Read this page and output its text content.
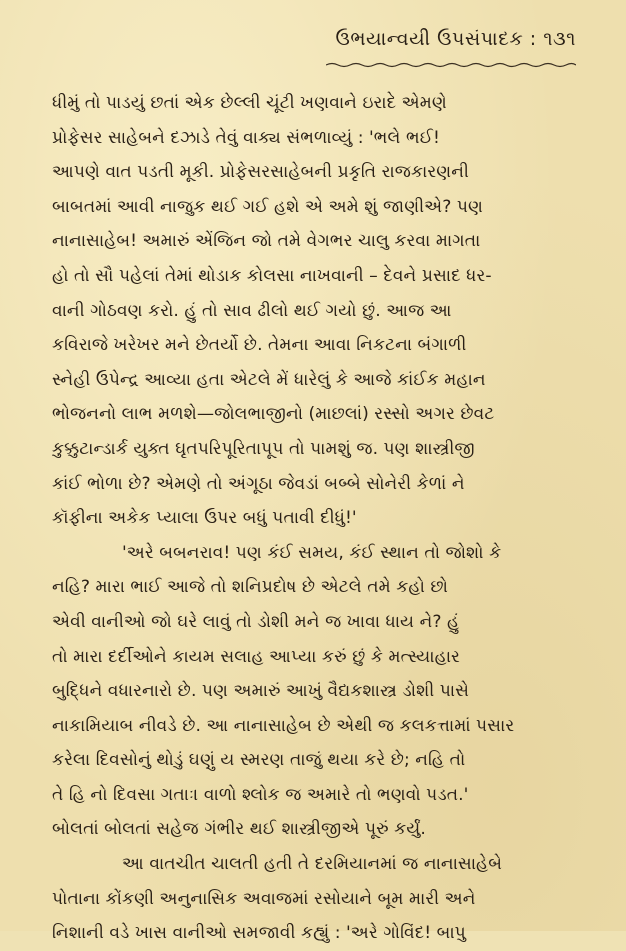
ઉભયાન્વયી ઉપસંપાદક : ૧૩૧
ધીમું તો પાડયું છતાં એક છેલ્લી ચૂંટી ખણવાને ઇરાદે એમણે
પ્રોફેસર સાહેબને દઝાડે તેવું વાક્ય સંભળાવ્યું : 'ભલે ભઈ!
આપણે વાત પડતી મૂકી. પ્રોફેસરસાહેબની પ્રકૃતિ રાજકારણની
બાબતમાં આવી નાજુક થઈ ગઈ હશે એ અમે શું જાણીએ? પણ
નાનાસાહેબ! અમારું એંજિન જો તમે વેગભર ચાલુ કરવા માગતા
હો તો સૌ પહેલાં તેમાં થોડાક કોલસા નાખવાની – દેવને પ્રસાદ ધર-
વાની ગોઠવણ કરો. હું તો સાવ ઢીલો થઈ ગયો છું. આજ આ
કવિરાજે ખરેખર મને છેતર્યો છે. તેમના આવા નિકટના બંગાળી
સ્નેહી ઉપેન્દ્ર આવ્યા હતા એટલે મેં ધારેલું કે આજે કાંઈક મહાન
ભોજનનો લાભ મળશે—જોલભાજીનો (માછલાં) રસ્સો અગર છેવટ
કુક્કુટાન્ડાર્ક યુક્ત ઘૃતપરિપૂરિતાપૂપ તો પામશું જ. પણ શાસ્ત્રીજી
કાંઈ ભોળા છે? એમણે તો અંગૂઠા જેવડાં બબ્બે સોનેરી કેળાં ને
કૉફીના અકેક પ્યાલા ઉપર બધું પતાવી દીધું!'
'અરે બબનરાવ! પણ કંઈ સમય, કંઈ સ્થાન તો જોશો કે
નહિ? મારા ભાઈ આજે તો શનિપ્રદોષ છે એટલે તમે કહો છો
એવી વાનીઓ જો ઘરે લાવું તો ડોશી મને જ ખાવા ધાય ને? હું
તો મારા દર્દીઓને કાયમ સલાહ આપ્યા કરું છું કે મત્સ્યાહાર
બુદ્ધિને વધારનારો છે. પણ અમારું આખું વૈદ્યકશાસ્ત્ર ડોશી પાસે
નાકામિયાબ નીવડે છે. આ નાનાસાહેબ છે એથી જ કલકત્તામાં પસાર
કરેલા દિવસોનું થોડું ઘણું ય સ્મરણ તાજું થયા કરે છે; નહિ તો
તે હિ નો દિવસા ગતાઃ। વાળો શ્લોક જ અમારે તો ભણવો પડત.'
બોલતાં બોલતાં સહેજ ગંભીર થઈ શાસ્ત્રીજીએ પૂરું કર્યું.
આ વાતચીત ચાલતી હતી તે દરમિયાનમાં જ નાનાસાહેબે
પોતાના કોંકણી અનુનાસિક અવાજમાં રસોયાને બૂમ મારી અને
નિશાની વડે ખાસ વાનીઓ સમજાવી કહ્યું : 'અરે ગોવિંદ! બાપુ
